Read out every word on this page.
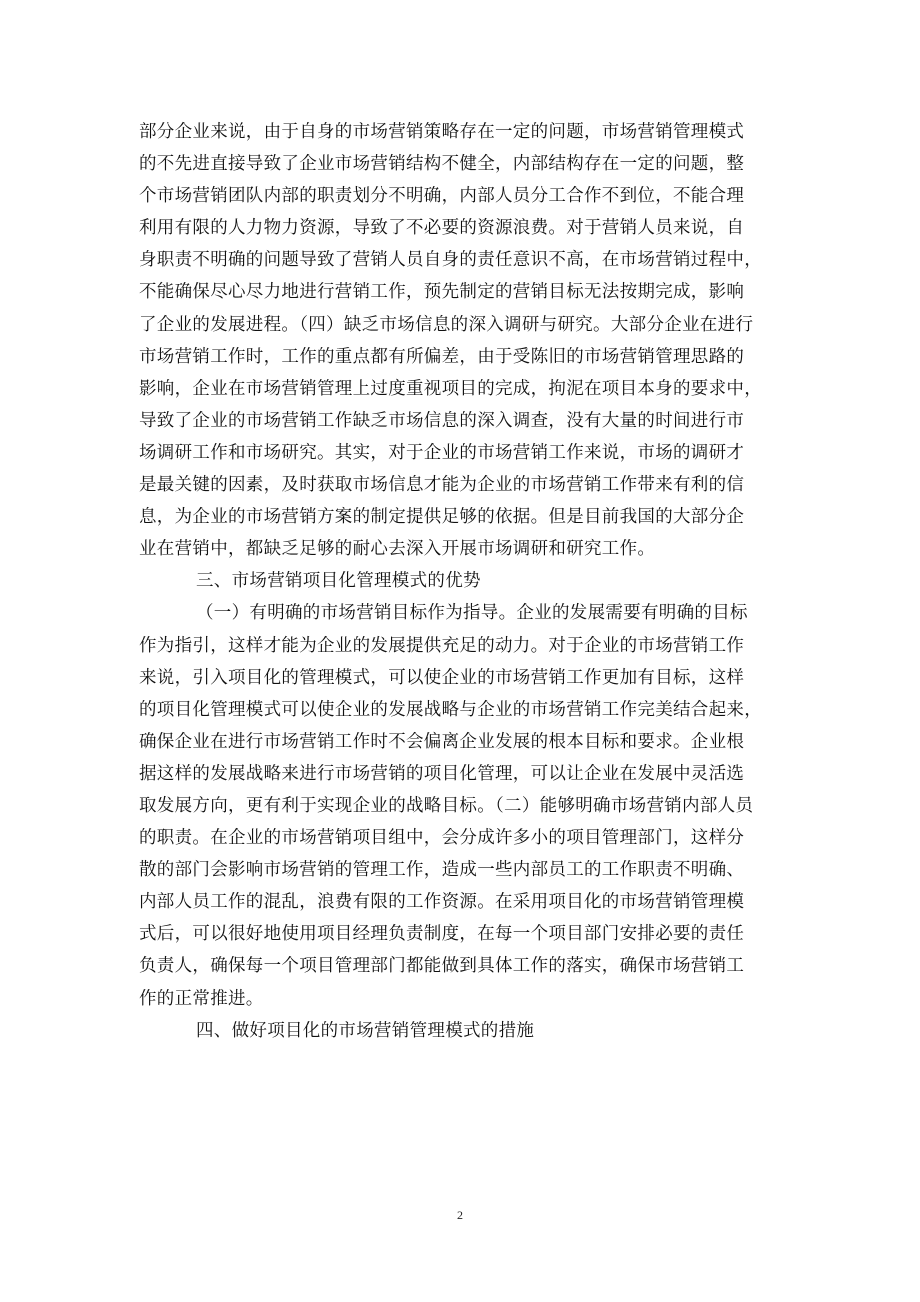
部分企业来说，由于自身的市场营销策略存在一定的问题，市场营销管理模式
的不先进直接导致了企业市场营销结构不健全，内部结构存在一定的问题，整
个市场营销团队内部的职责划分不明确，内部人员分工合作不到位，不能合理
利用有限的人力物力资源，导致了不必要的资源浪费。对于营销人员来说，自
身职责不明确的问题导致了营销人员自身的责任意识不高，在市场营销过程中，
不能确保尽心尽力地进行营销工作，预先制定的营销目标无法按期完成，影响
了企业的发展进程。（四）缺乏市场信息的深入调研与研究。大部分企业在进行
市场营销工作时，工作的重点都有所偏差，由于受陈旧的市场营销管理思路的
影响，企业在市场营销管理上过度重视项目的完成，拘泥在项目本身的要求中，
导致了企业的市场营销工作缺乏市场信息的深入调查，没有大量的时间进行市
场调研工作和市场研究。其实，对于企业的市场营销工作来说，市场的调研才
是最关键的因素，及时获取市场信息才能为企业的市场营销工作带来有利的信
息，为企业的市场营销方案的制定提供足够的依据。但是目前我国的大部分企
业在营销中，都缺乏足够的耐心去深入开展市场调研和研究工作。
三、市场营销项目化管理模式的优势
（一）有明确的市场营销目标作为指导。企业的发展需要有明确的目标
作为指引，这样才能为企业的发展提供充足的动力。对于企业的市场营销工作
来说，引入项目化的管理模式，可以使企业的市场营销工作更加有目标，这样
的项目化管理模式可以使企业的发展战略与企业的市场营销工作完美结合起来，
确保企业在进行市场营销工作时不会偏离企业发展的根本目标和要求。企业根
据这样的发展战略来进行市场营销的项目化管理，可以让企业在发展中灵活选
取发展方向，更有利于实现企业的战略目标。（二）能够明确市场营销内部人员
的职责。在企业的市场营销项目组中，会分成许多小的项目管理部门，这样分
散的部门会影响市场营销的管理工作，造成一些内部员工的工作职责不明确、
内部人员工作的混乱，浪费有限的工作资源。在采用项目化的市场营销管理模
式后，可以很好地使用项目经理负责制度，在每一个项目部门安排必要的责任
负责人，确保每一个项目管理部门都能做到具体工作的落实，确保市场营销工
作的正常推进。
四、做好项目化的市场营销管理模式的措施
2
